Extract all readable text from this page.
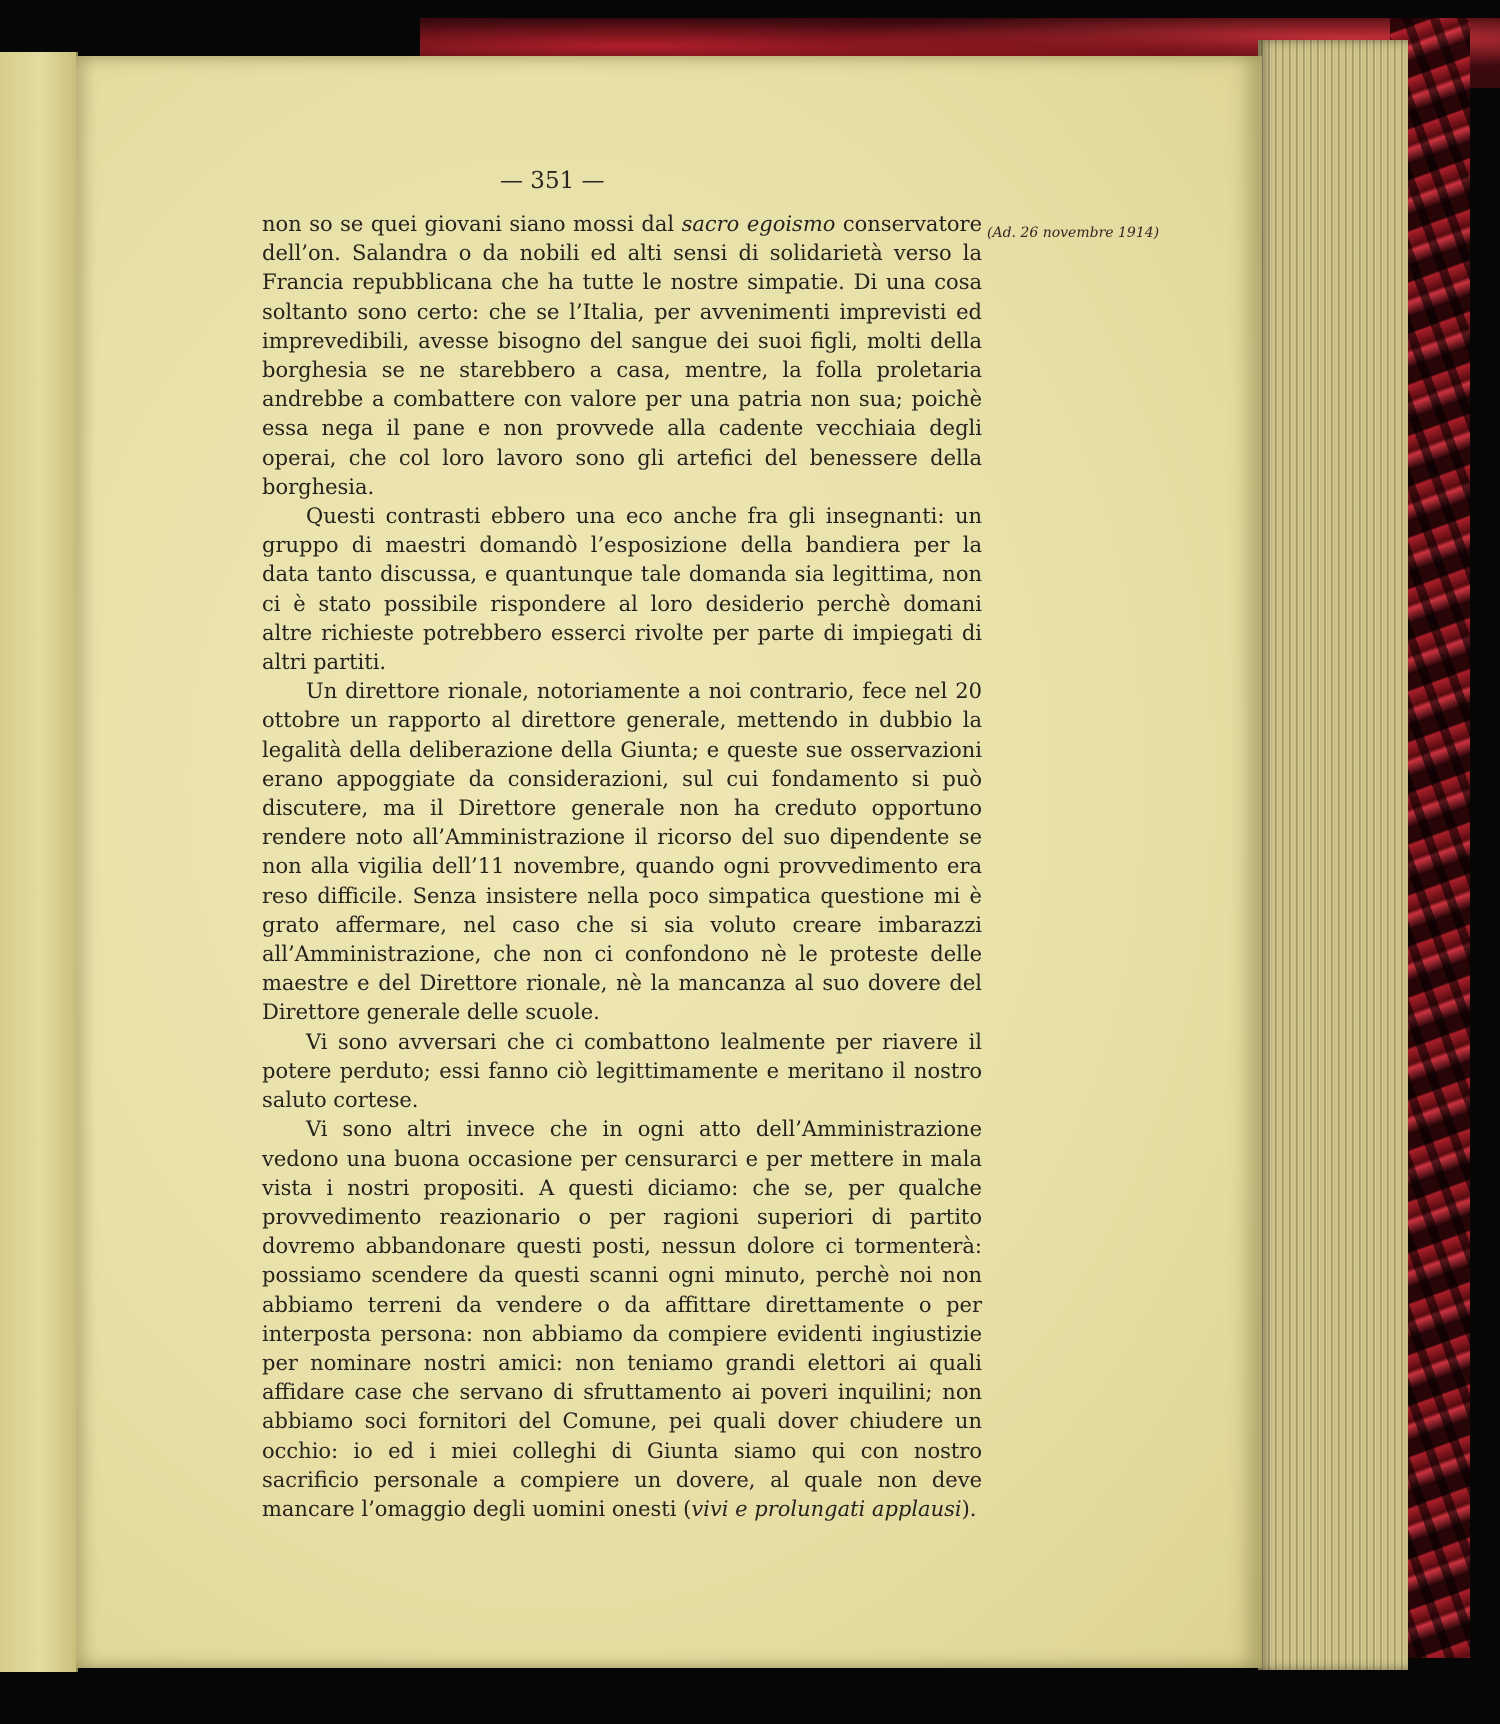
— 351 —
(Ad. 26 novembre 1914)

non so se quei giovani siano mossi dal sacro egoismo conservatore dell’on. Salandra o da nobili ed alti sensi di solidarietà verso la Francia repubblicana che ha tutte le nostre simpatie. Di una cosa soltanto sono certo: che se l’Italia, per avvenimenti imprevisti ed imprevedibili, avesse bisogno del sangue dei suoi figli, molti della borghesia se ne starebbero a casa, mentre, la folla proletaria andrebbe a combattere con valore per una patria non sua; poichè essa nega il pane e non provvede alla cadente vecchiaia degli operai, che col loro lavoro sono gli artefici del benessere della borghesia.

Questi contrasti ebbero una eco anche fra gli insegnanti: un gruppo di maestri domandò l’esposizione della bandiera per la data tanto discussa, e quantunque tale domanda sia legittima, non ci è stato possibile rispondere al loro desiderio perchè domani altre richieste potrebbero esserci rivolte per parte di impiegati di altri partiti.

Un direttore rionale, notoriamente a noi contrario, fece nel 20 ottobre un rapporto al direttore generale, mettendo in dubbio la legalità della deliberazione della Giunta; e queste sue osservazioni erano appoggiate da considerazioni, sul cui fondamento si può discutere, ma il Direttore generale non ha creduto opportuno rendere noto all’Amministrazione il ricorso del suo dipendente se non alla vigilia dell’11 novembre, quando ogni provvedimento era reso difficile. Senza insistere nella poco simpatica questione mi è grato affermare, nel caso che si sia voluto creare imbarazzi all’Amministrazione, che non ci confondono nè le proteste delle maestre e del Direttore rionale, nè la mancanza al suo dovere del Direttore generale delle scuole.

Vi sono avversari che ci combattono lealmente per riavere il potere perduto; essi fanno ciò legittimamente e meritano il nostro saluto cortese.

Vi sono altri invece che in ogni atto dell’Amministrazione vedono una buona occasione per censurarci e per mettere in mala vista i nostri propositi. A questi diciamo: che se, per qualche provvedimento reazionario o per ragioni superiori di partito dovremo abbandonare questi posti, nessun dolore ci tormenterà: possiamo scendere da questi scanni ogni minuto, perchè noi non abbiamo terreni da vendere o da affittare direttamente o per interposta persona: non abbiamo da compiere evidenti ingiustizie per nominare nostri amici: non teniamo grandi elettori ai quali affidare case che servano di sfruttamento ai poveri inquilini; non abbiamo soci fornitori del Comune, pei quali dover chiudere un occhio: io ed i miei colleghi di Giunta siamo qui con nostro sacrificio personale a compiere un dovere, al quale non deve mancare l’omaggio degli uomini onesti (vivi e prolungati applausi).
